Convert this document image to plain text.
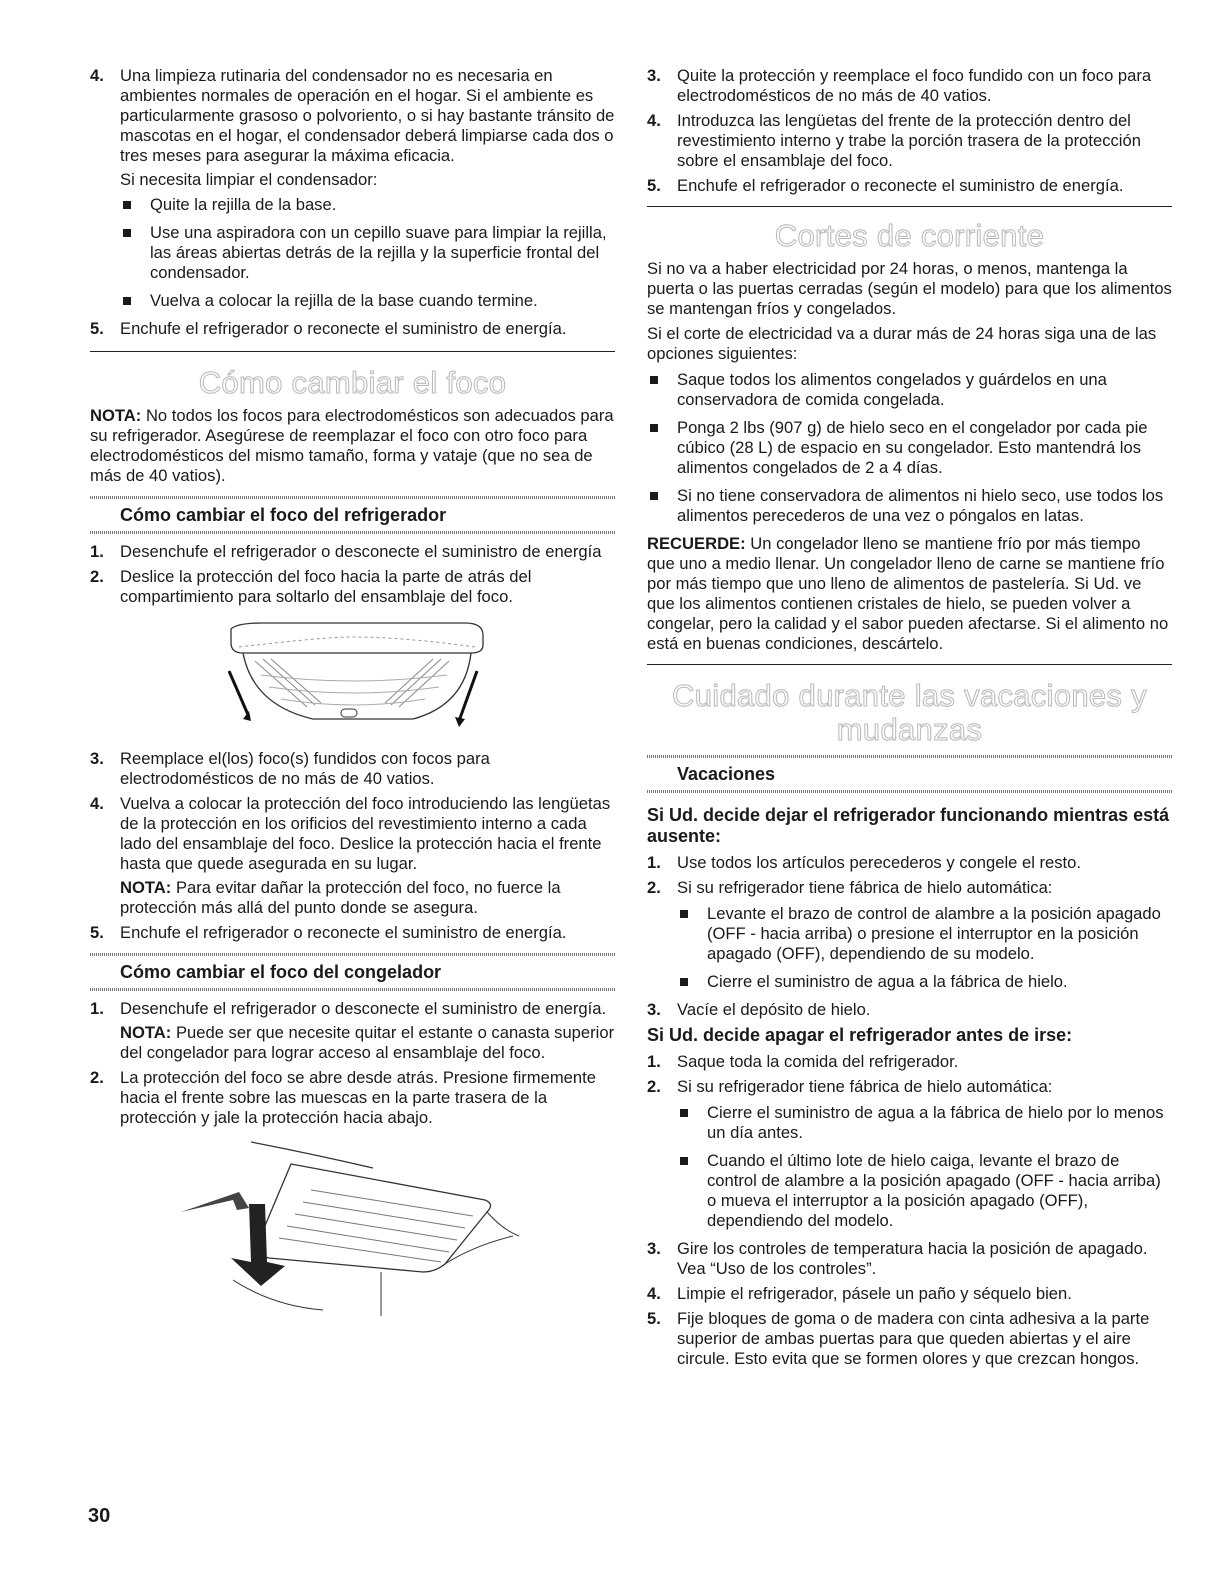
4. Una limpieza rutinaria del condensador no es necesaria en ambientes normales de operación en el hogar. Si el ambiente es particularmente grasoso o polvoriento, o si hay bastante tránsito de mascotas en el hogar, el condensador deberá limpiarse cada dos o tres meses para asegurar la máxima eficacia.

Si necesita limpiar el condensador:

Quite la rejilla de la base.
Use una aspiradora con un cepillo suave para limpiar la rejilla, las áreas abiertas detrás de la rejilla y la superficie frontal del condensador.
Vuelva a colocar la rejilla de la base cuando termine.
5. Enchufe el refrigerador o reconecte el suministro de energía.

Cómo cambiar el foco

NOTA: No todos los focos para electrodomésticos son adecuados para su refrigerador. Asegúrese de reemplazar el foco con otro foco para electrodomésticos del mismo tamaño, forma y vataje (que no sea de más de 40 vatios).

Cómo cambiar el foco del refrigerador
1. Desenchufe el refrigerador o desconecte el suministro de energía

2. Deslice la protección del foco hacia la parte de atrás del compartimiento para soltarlo del ensamblaje del foco.

3. Reemplace el(los) foco(s) fundidos con focos para electrodomésticos de no más de 40 vatios.

4. Vuelva a colocar la protección del foco introduciendo las lengüetas de la protección en los orificios del revestimiento interno a cada lado del ensamblaje del foco. Deslice la protección hacia el frente hasta que quede asegurada en su lugar.

NOTA: Para evitar dañar la protección del foco, no fuerce la protección más allá del punto donde se asegura.

5. Enchufe el refrigerador o reconecte el suministro de energía.

Cómo cambiar el foco del congelador
1. Desenchufe el refrigerador o desconecte el suministro de energía.

NOTA: Puede ser que necesite quitar el estante o canasta superior del congelador para lograr acceso al ensamblaje del foco.

2. La protección del foco se abre desde atrás. Presione firmemente hacia el frente sobre las muescas en la parte trasera de la protección y jale la protección hacia abajo.

3. Quite la protección y reemplace el foco fundido con un foco para electrodomésticos de no más de 40 vatios.

4. Introduzca las lengüetas del frente de la protección dentro del revestimiento interno y trabe la porción trasera de la protección sobre el ensamblaje del foco.

5. Enchufe el refrigerador o reconecte el suministro de energía.

Cortes de corriente

Si no va a haber electricidad por 24 horas, o menos, mantenga la puerta o las puertas cerradas (según el modelo) para que los alimentos se mantengan fríos y congelados.

Si el corte de electricidad va a durar más de 24 horas siga una de las opciones siguientes:

Saque todos los alimentos congelados y guárdelos en una conservadora de comida congelada.
Ponga 2 lbs (907 g) de hielo seco en el congelador por cada pie cúbico (28 L) de espacio en su congelador. Esto mantendrá los alimentos congelados de 2 a 4 días.
Si no tiene conservadora de alimentos ni hielo seco, use todos los alimentos perecederos de una vez o póngalos en latas.

RECUERDE: Un congelador lleno se mantiene frío por más tiempo que uno a medio llenar. Un congelador lleno de carne se mantiene frío por más tiempo que uno lleno de alimentos de pastelería. Si Ud. ve que los alimentos contienen cristales de hielo, se pueden volver a congelar, pero la calidad y el sabor pueden afectarse. Si el alimento no está en buenas condiciones, descártelo.

Cuidado durante las vacaciones y
mudanzas
Vacaciones

Si Ud. decide dejar el refrigerador funcionando mientras está ausente:

1. Use todos los artículos perecederos y congele el resto.

2. Si su refrigerador tiene fábrica de hielo automática:

Levante el brazo de control de alambre a la posición apagado (OFF - hacia arriba) o presione el interruptor en la posición apagado (OFF), dependiendo de su modelo.
Cierre el suministro de agua a la fábrica de hielo.
3. Vacíe el depósito de hielo.

Si Ud. decide apagar el refrigerador antes de irse:

1. Saque toda la comida del refrigerador.

2. Si su refrigerador tiene fábrica de hielo automática:

Cierre el suministro de agua a la fábrica de hielo por lo menos un día antes.
Cuando el último lote de hielo caiga, levante el brazo de control de alambre a la posición apagado (OFF - hacia arriba) o mueva el interruptor a la posición apagado (OFF), dependiendo del modelo.
3. Gire los controles de temperatura hacia la posición de apagado. Vea “Uso de los controles”.

4. Limpie el refrigerador, pásele un paño y séquelo bien.

5. Fije bloques de goma o de madera con cinta adhesiva a la parte superior de ambas puertas para que queden abiertas y el aire circule. Esto evita que se formen olores y que crezcan hongos.

30
